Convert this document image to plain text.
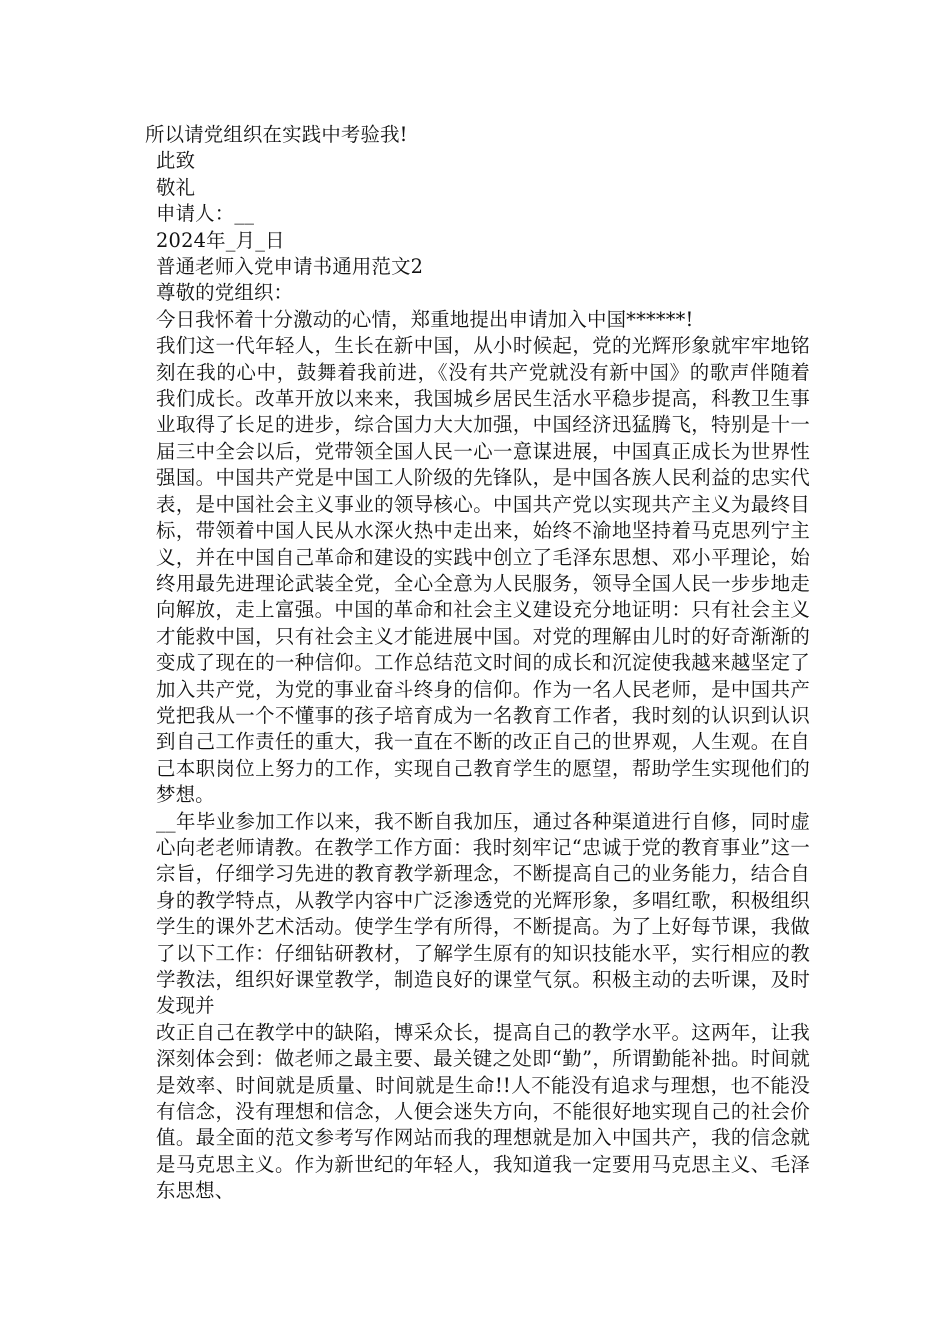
所以请党组织在实践中考验我!

此致

敬礼

申请人：__

2024年_月_日

普通老师入党申请书通用范文2

尊敬的党组织：

今日我怀着十分激动的心情，郑重地提出申请加入中国******!

我们这一代年轻人，生长在新中国，从小时候起，党的光辉形象就牢牢地铭刻在我的心中，鼓舞着我前进，《没有共产党就没有新中国》的歌声伴随着我们成长。改革开放以来来，我国城乡居民生活水平稳步提高，科教卫生事业取得了长足的进步，综合国力大大加强，中国经济迅猛腾飞，特别是十一届三中全会以后，党带领全国人民一心一意谋进展，中国真正成长为世界性强国。中国共产党是中国工人阶级的先锋队，是中国各族人民利益的忠实代表，是中国社会主义事业的领导核心。中国共产党以实现共产主义为最终目标，带领着中国人民从水深火热中走出来，始终不渝地坚持着马克思列宁主义，并在中国自己革命和建设的实践中创立了毛泽东思想、邓小平理论，始终用最先进理论武装全党，全心全意为人民服务，领导全国人民一步步地走向解放，走上富强。中国的革命和社会主义建设充分地证明：只有社会主义才能救中国，只有社会主义才能进展中国。对党的理解由儿时的好奇渐渐的变成了现在的一种信仰。工作总结范文时间的成长和沉淀使我越来越坚定了加入共产党，为党的事业奋斗终身的信仰。作为一名人民老师，是中国共产党把我从一个不懂事的孩子培育成为一名教育工作者，我时刻的认识到认识到自己工作责任的重大，我一直在不断的改正自己的世界观，人生观。在自己本职岗位上努力的工作，实现自己教育学生的愿望，帮助学生实现他们的梦想。

__年毕业参加工作以来，我不断自我加压，通过各种渠道进行自修，同时虚心向老老师请教。在教学工作方面：我时刻牢记“忠诚于党的教育事业”这一宗旨，仔细学习先进的教育教学新理念，不断提高自己的业务能力，结合自身的教学特点，从教学内容中广泛渗透党的光辉形象，多唱红歌，积极组织学生的课外艺术活动。使学生学有所得，不断提高。为了上好每节课，我做了以下工作：仔细钻研教材，了解学生原有的知识技能水平，实行相应的教学教法，组织好课堂教学，制造良好的课堂气氛。积极主动的去听课，及时发现并

改正自己在教学中的缺陷，博采众长，提高自己的教学水平。这两年，让我深刻体会到：做老师之最主要、最关键之处即“勤”，所谓勤能补拙。时间就是效率、时间就是质量、时间就是生命!!人不能没有追求与理想，也不能没有信念，没有理想和信念，人便会迷失方向，不能很好地实现自己的社会价值。最全面的范文参考写作网站而我的理想就是加入中国共产，我的信念就是马克思主义。作为新世纪的年轻人，我知道我一定要用马克思主义、毛泽东思想、
